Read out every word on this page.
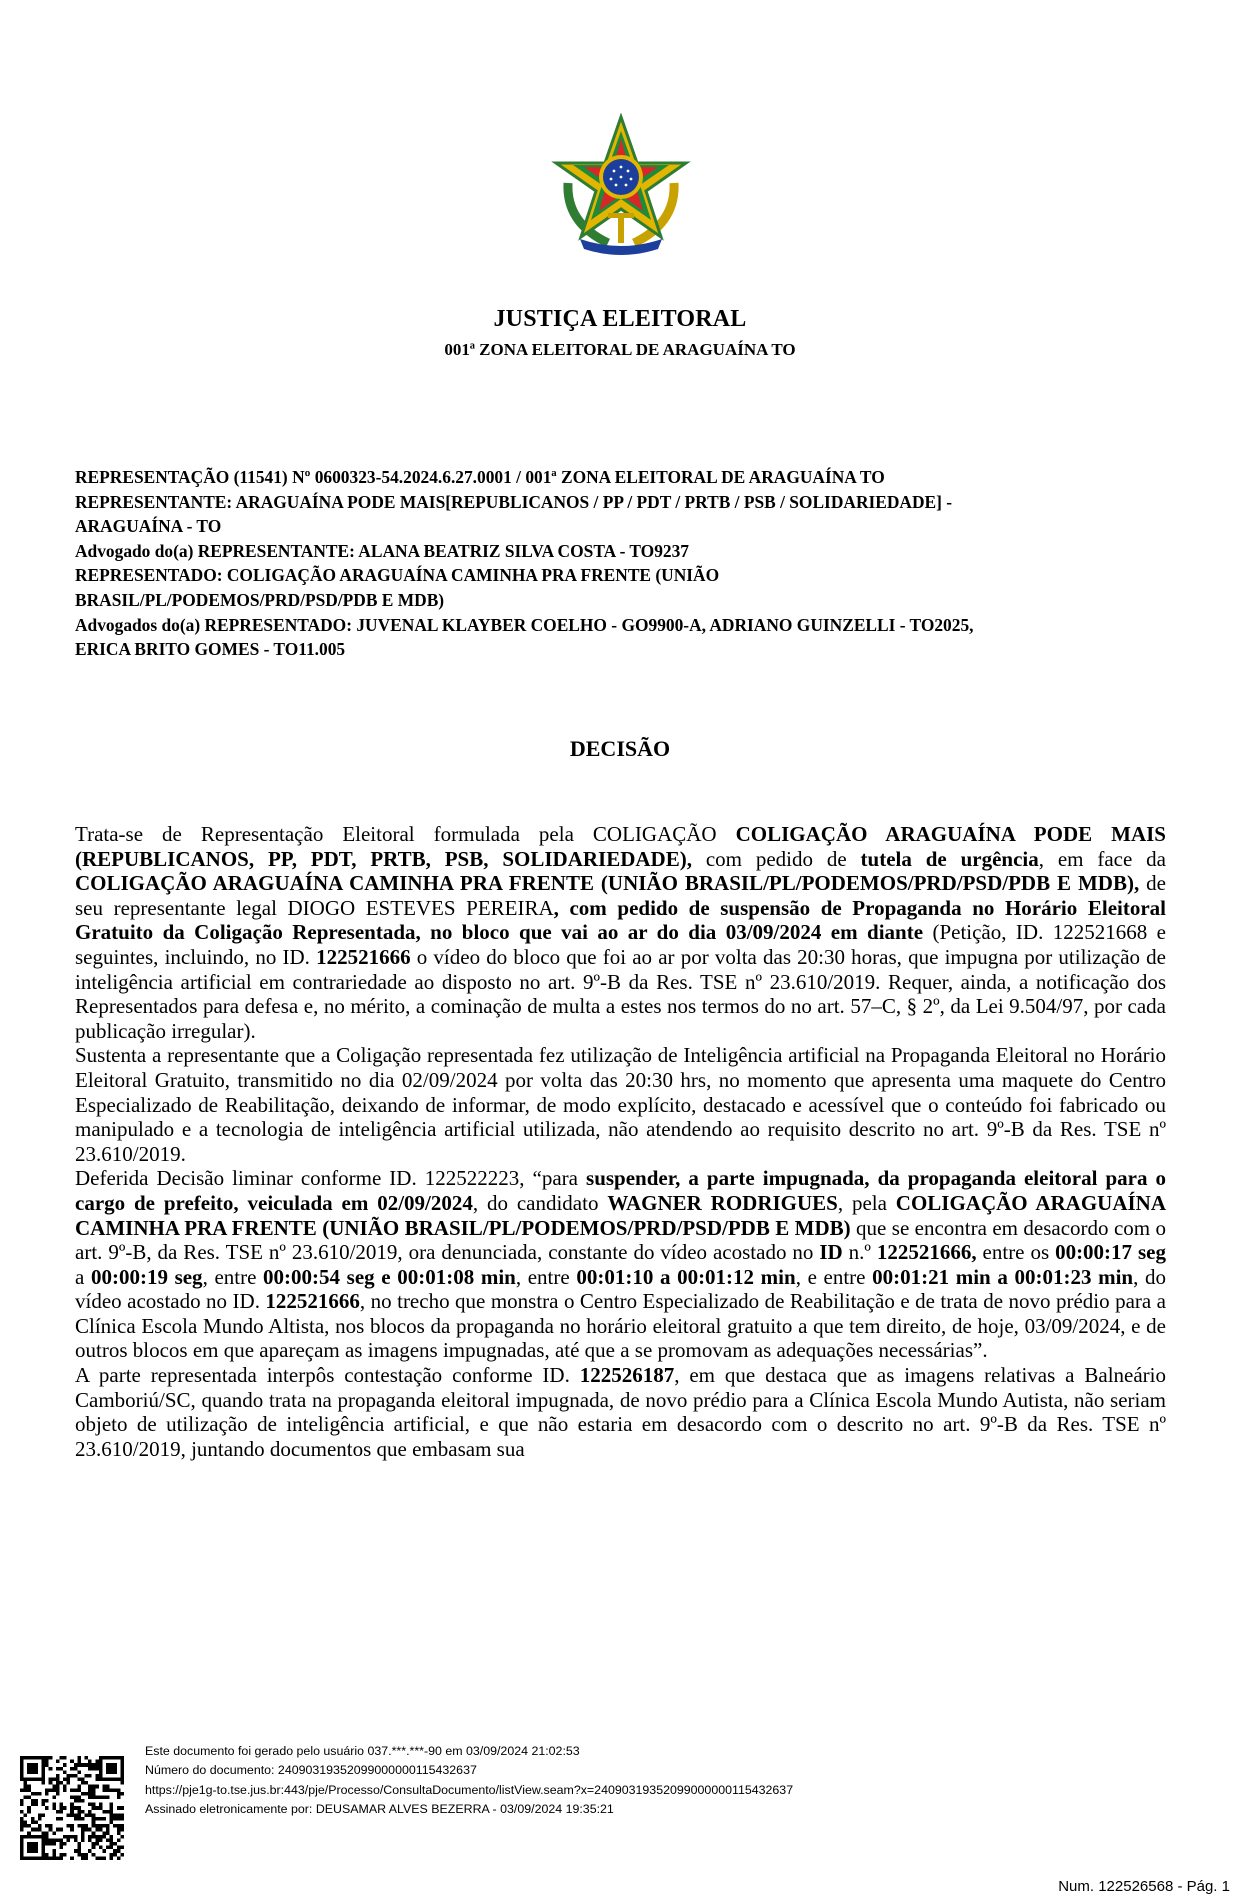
JUSTIÇA ELEITORAL
001ª ZONA ELEITORAL DE ARAGUAÍNA TO
REPRESENTAÇÃO (11541) Nº 0600323-54.2024.6.27.0001 / 001ª ZONA ELEITORAL DE ARAGUAÍNA TO
REPRESENTANTE: ARAGUAÍNA PODE MAIS[REPUBLICANOS / PP / PDT / PRTB / PSB / SOLIDARIEDADE] -
ARAGUAÍNA - TO
Advogado do(a) REPRESENTANTE: ALANA BEATRIZ SILVA COSTA - TO9237
REPRESENTADO: COLIGAÇÃO ARAGUAÍNA CAMINHA PRA FRENTE (UNIÃO
BRASIL/PL/PODEMOS/PRD/PSD/PDB E MDB)
Advogados do(a) REPRESENTADO: JUVENAL KLAYBER COELHO - GO9900-A, ADRIANO GUINZELLI - TO2025,
ERICA BRITO GOMES - TO11.005
DECISÃO

Trata-se de Representação Eleitoral formulada pela COLIGAÇÃO COLIGAÇÃO ARAGUAÍNA PODE MAIS (REPUBLICANOS, PP, PDT, PRTB, PSB, SOLIDARIEDADE), com pedido de tutela de urgência, em face da COLIGAÇÃO ARAGUAÍNA CAMINHA PRA FRENTE (UNIÃO BRASIL/PL/PODEMOS/PRD/PSD/PDB E MDB), de seu representante legal DIOGO ESTEVES PEREIRA, com pedido de suspensão de Propaganda no Horário Eleitoral Gratuito da Coligação Representada, no bloco que vai ao ar do dia 03/09/2024 em diante (Petição, ID. 122521668 e seguintes, incluindo, no ID. 122521666 o vídeo do bloco que foi ao ar por volta das 20:30 horas, que impugna por utilização de inteligência artificial em contrariedade ao disposto no art. 9º-B da Res. TSE nº 23.610/2019. Requer, ainda, a notificação dos Representados para defesa e, no mérito, a cominação de multa a estes nos termos do no art. 57–C, § 2º, da Lei 9.504/97, por cada publicação irregular).

Sustenta a representante que a Coligação representada fez utilização de Inteligência artificial na Propaganda Eleitoral no Horário Eleitoral Gratuito, transmitido no dia 02/09/2024 por volta das 20:30 hrs, no momento que apresenta uma maquete do Centro Especializado de Reabilitação, deixando de informar, de modo explícito, destacado e acessível que o conteúdo foi fabricado ou manipulado e a tecnologia de inteligência artificial utilizada, não atendendo ao requisito descrito no art. 9º-B da Res. TSE nº 23.610/2019.

Deferida Decisão liminar conforme ID. 122522223, “para suspender, a parte impugnada, da propaganda eleitoral para o cargo de prefeito, veiculada em 02/09/2024, do candidato WAGNER RODRIGUES, pela COLIGAÇÃO ARAGUAÍNA CAMINHA PRA FRENTE (UNIÃO BRASIL/PL/PODEMOS/PRD/PSD/PDB E MDB) que se encontra em desacordo com o art. 9º-B, da Res. TSE nº 23.610/2019, ora denunciada, constante do vídeo acostado no ID n.º 122521666, entre os 00:00:17 seg a 00:00:19 seg, entre 00:00:54 seg e 00:01:08 min, entre 00:01:10 a 00:01:12 min, e entre 00:01:21 min a 00:01:23 min, do vídeo acostado no ID. 122521666, no trecho que monstra o Centro Especializado de Reabilitação e de trata de novo prédio para a Clínica Escola Mundo Altista, nos blocos da propaganda no horário eleitoral gratuito a que tem direito, de hoje, 03/09/2024, e de outros blocos em que apareçam as imagens impugnadas, até que a se promovam as adequações necessárias”.

A parte representada interpôs contestação conforme ID. 122526187, em que destaca que as imagens relativas a Balneário Camboriú/SC, quando trata na propaganda eleitoral impugnada, de novo prédio para a Clínica Escola Mundo Autista, não seriam objeto de utilização de inteligência artificial, e que não estaria em desacordo com o descrito no art. 9º-B da Res. TSE nº 23.610/2019, juntando documentos que embasam sua

Este documento foi gerado pelo usuário 037.***.***-90 em 03/09/2024 21:02:53
Número do documento: 24090319352099000000115432637
https://pje1g-to.tse.jus.br:443/pje/Processo/ConsultaDocumento/listView.seam?x=24090319352099000000115432637
Assinado eletronicamente por: DEUSAMAR ALVES BEZERRA - 03/09/2024 19:35:21
Num. 122526568 - Pág. 1
